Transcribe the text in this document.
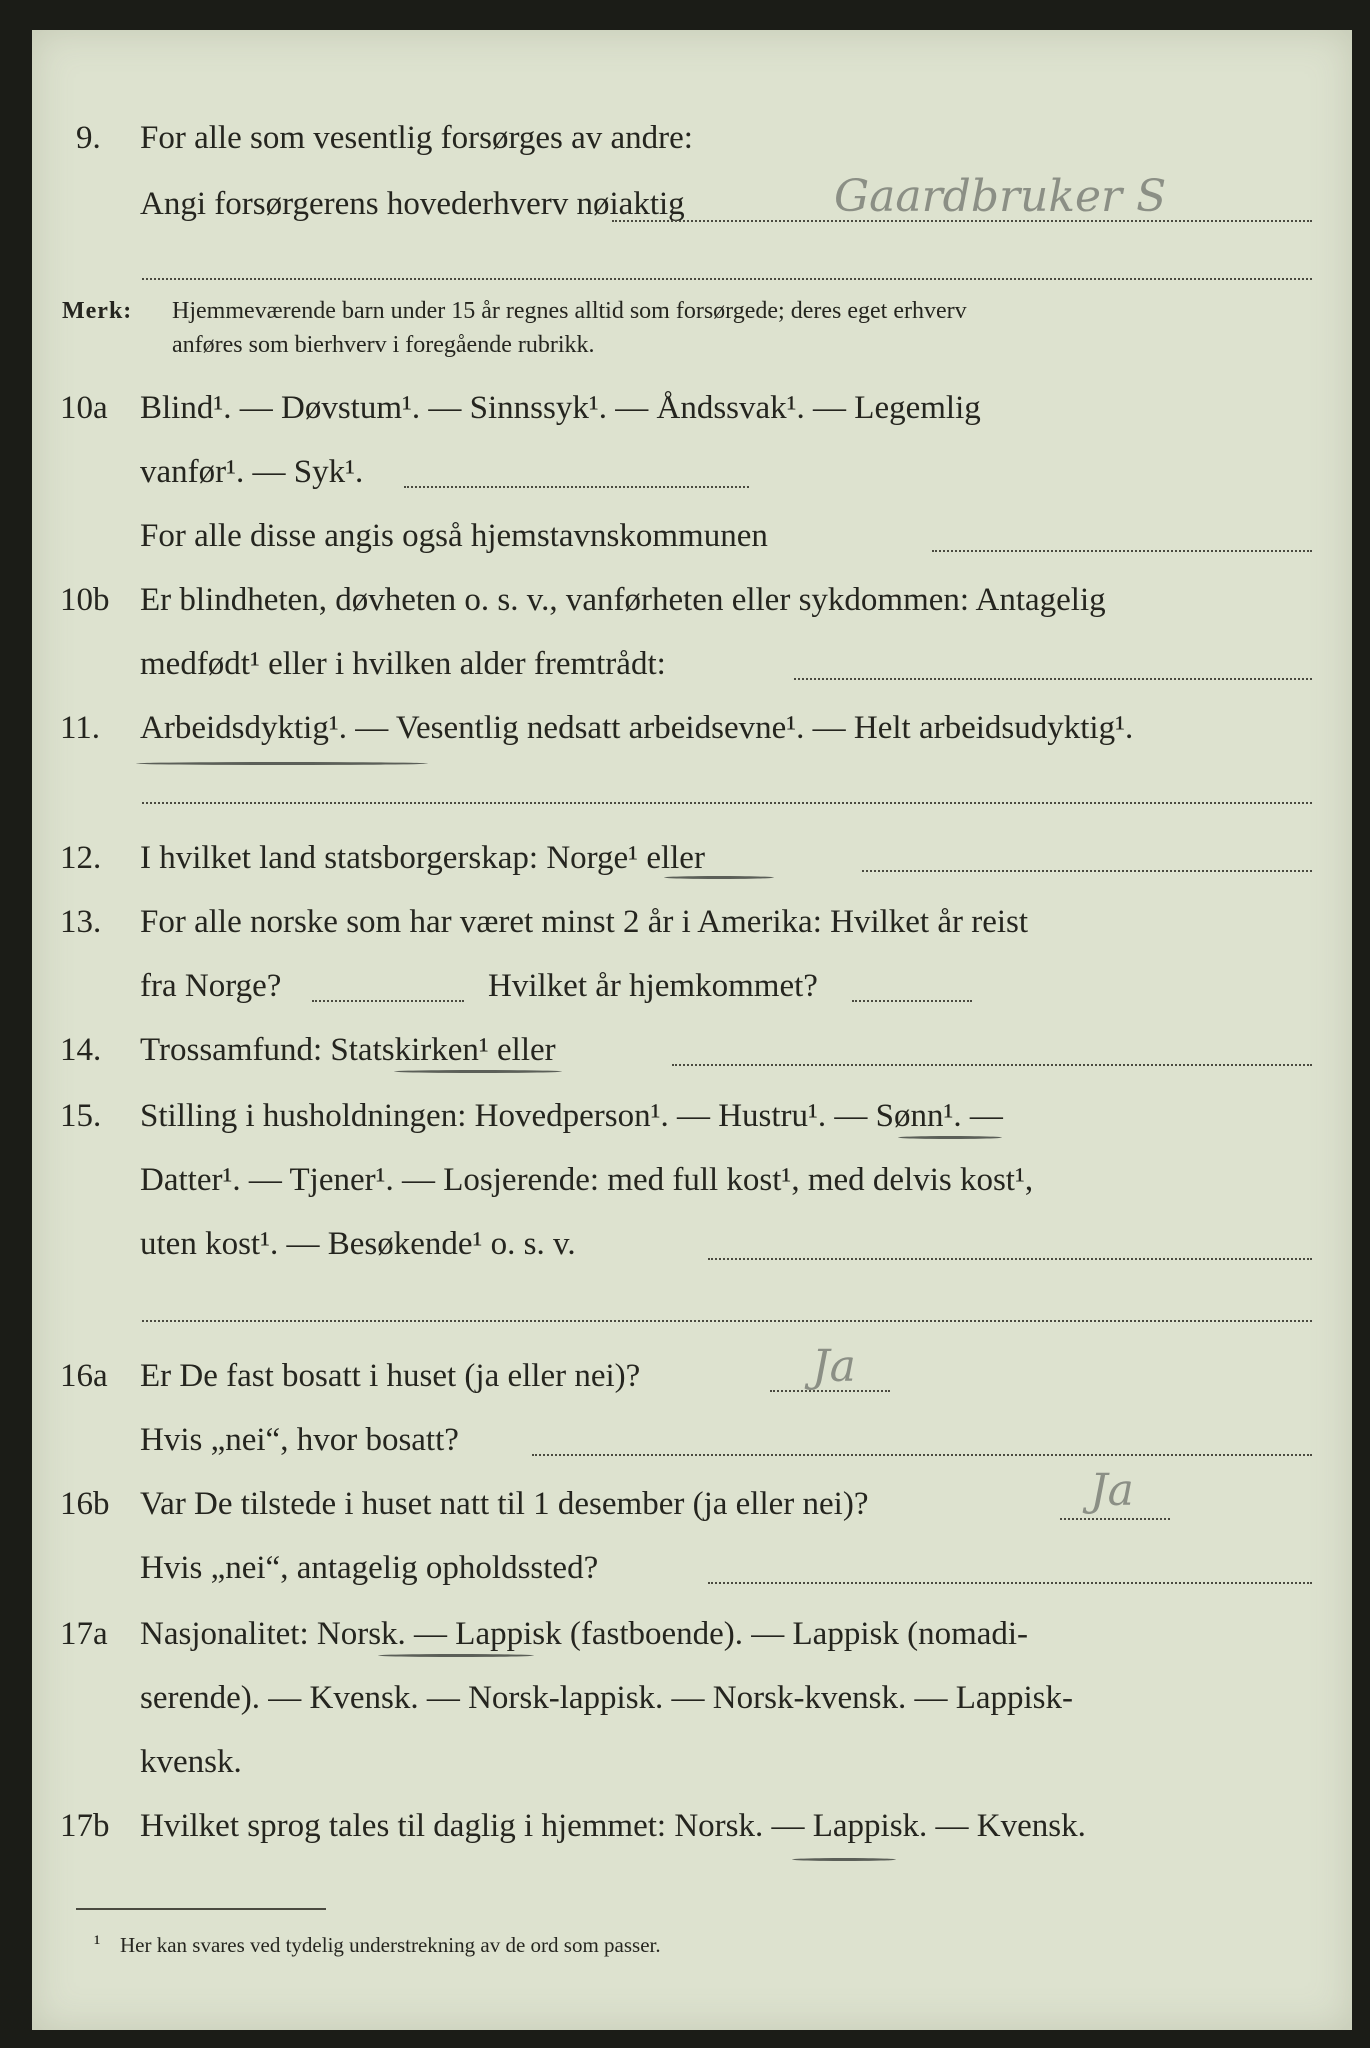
9. For alle som vesentlig forsørges av andre:
Angi forsørgerens hovederhverv nøiaktig	Gaardbruker S
Merk: Hjemmeværende barn under 15 år regnes alltid som forsørgede; deres eget erhverv
anføres som bierhverv i foregående rubrikk.
10a Blind¹. — Døvstum¹. — Sinnssyk¹. — Åndssvak¹. — Legemlig
vanfør¹. — Syk¹.
For alle disse angis også hjemstavnskommunen
10b Er blindheten, døvheten o. s. v., vanførheten eller sykdommen: Antagelig
medfødt¹ eller i hvilken alder fremtrådt:
11. Arbeidsdyktig¹. — Vesentlig nedsatt arbeidsevne¹. — Helt arbeidsudyktig¹.
12. I hvilket land statsborgerskap: Norge¹ eller
13. For alle norske som har været minst 2 år i Amerika: Hvilket år reist
fra Norge?	Hvilket år hjemkommet?
14. Trossamfund: Statskirken¹ eller
15. Stilling i husholdningen: Hovedperson¹. — Hustru¹. — Sønn¹. —
Datter¹. — Tjener¹. — Losjerende: med full kost¹, med delvis kost¹,
uten kost¹. — Besøkende¹ o. s. v.
16a Er De fast bosatt i huset (ja eller nei)?	Ja
Hvis „nei“, hvor bosatt?
16b Var De tilstede i huset natt til 1 desember (ja eller nei)?	Ja
Hvis „nei“, antagelig opholdssted?
17a Nasjonalitet: Norsk. — Lappisk (fastboende). — Lappisk (nomadi-
serende). — Kvensk. — Norsk-lappisk. — Norsk-kvensk. — Lappisk-
kvensk.
17b Hvilket sprog tales til daglig i hjemmet: Norsk. — Lappisk. — Kvensk.
¹ Her kan svares ved tydelig understrekning av de ord som passer.
